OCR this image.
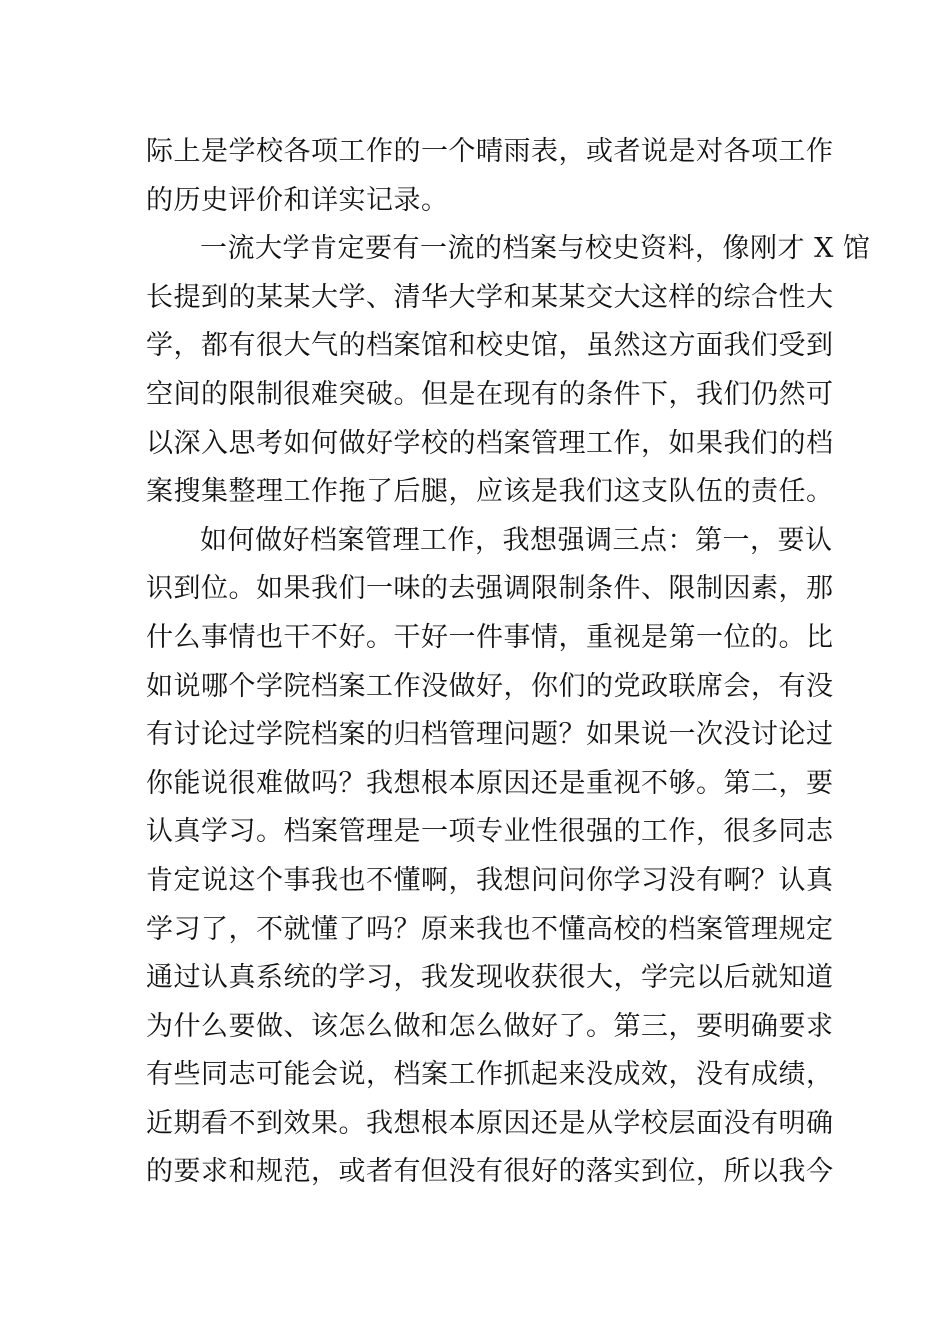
际上是学校各项工作的一个晴雨表，或者说是对各项工作
的历史评价和详实记录。
一流大学肯定要有一流的档案与校史资料，像刚才 X 馆
长提到的某某大学、清华大学和某某交大这样的综合性大
学，都有很大气的档案馆和校史馆，虽然这方面我们受到
空间的限制很难突破。但是在现有的条件下，我们仍然可
以深入思考如何做好学校的档案管理工作，如果我们的档
案搜集整理工作拖了后腿，应该是我们这支队伍的责任。
如何做好档案管理工作，我想强调三点：第一，要认
识到位。如果我们一味的去强调限制条件、限制因素，那
什么事情也干不好。干好一件事情，重视是第一位的。比
如说哪个学院档案工作没做好，你们的党政联席会，有没
有讨论过学院档案的归档管理问题？如果说一次没讨论过
你能说很难做吗？我想根本原因还是重视不够。第二，要
认真学习。档案管理是一项专业性很强的工作，很多同志
肯定说这个事我也不懂啊，我想问问你学习没有啊？认真
学习了，不就懂了吗？原来我也不懂高校的档案管理规定
通过认真系统的学习，我发现收获很大，学完以后就知道
为什么要做、该怎么做和怎么做好了。第三，要明确要求
有些同志可能会说，档案工作抓起来没成效，没有成绩，
近期看不到效果。我想根本原因还是从学校层面没有明确
的要求和规范，或者有但没有很好的落实到位，所以我今
